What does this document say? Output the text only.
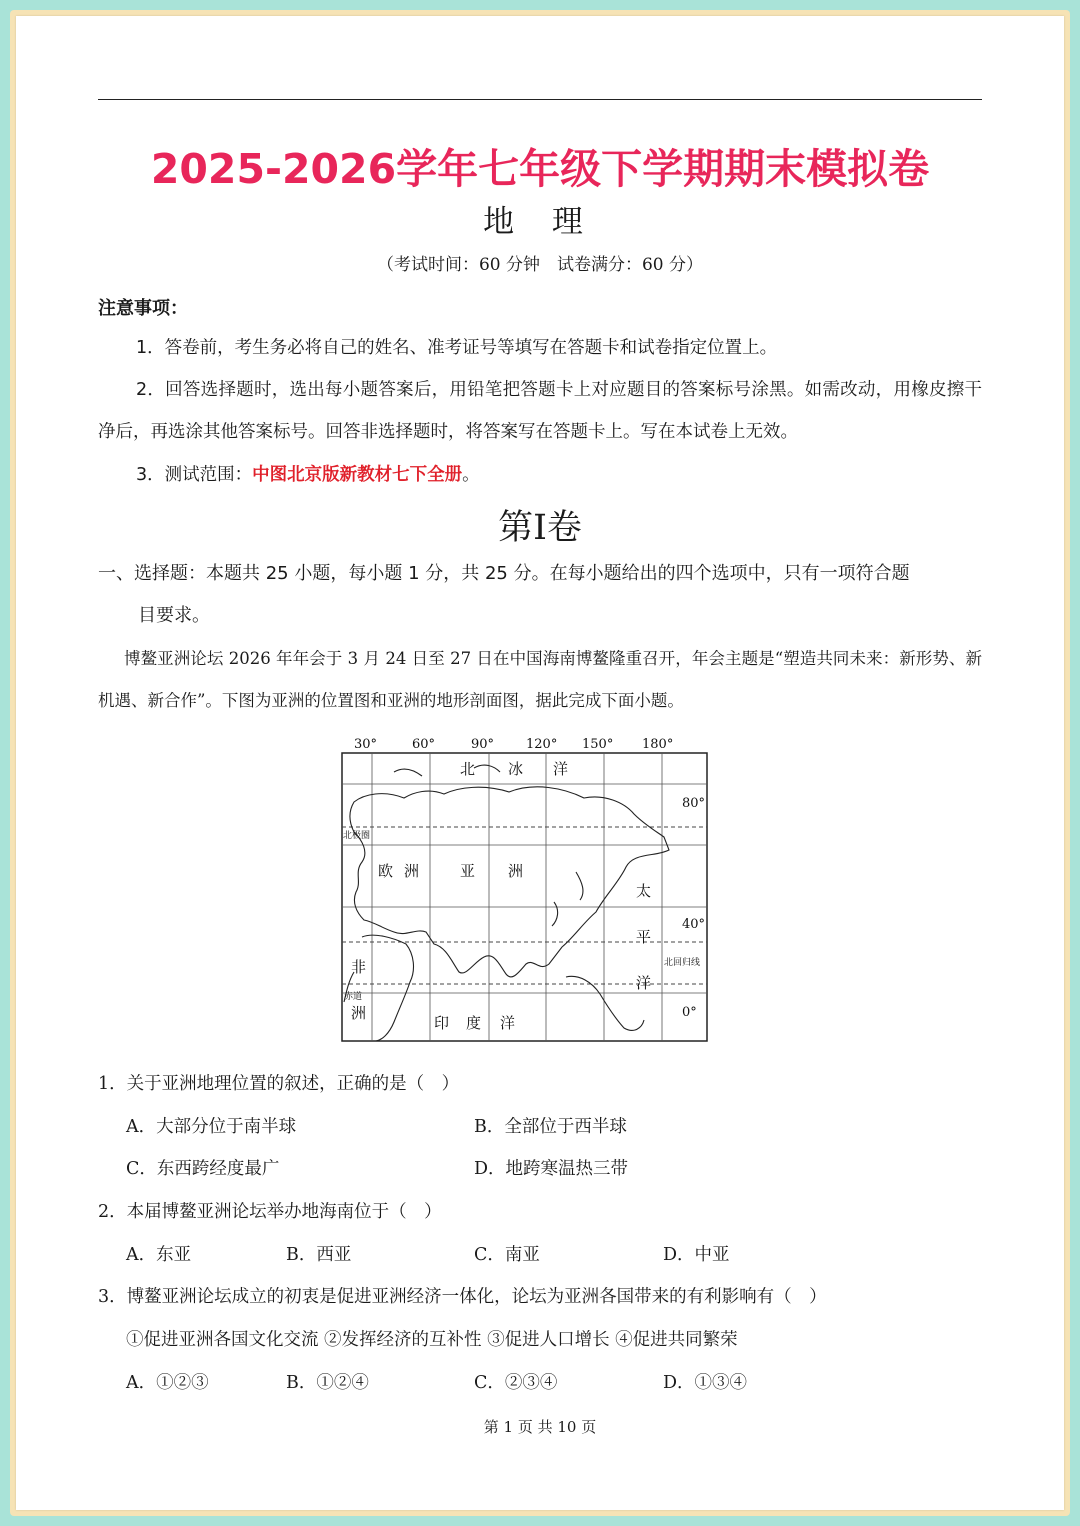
2025-2026学年七年级下学期期末模拟卷
地 理
（考试时间：60 分钟　试卷满分：60 分）
注意事项：
1．答卷前，考生务必将自己的姓名、准考证号等填写在答题卡和试卷指定位置上。
2．回答选择题时，选出每小题答案后，用铅笔把答题卡上对应题目的答案标号涂黑。如需改动，用橡皮擦干净后，再选涂其他答案标号。回答非选择题时，将答案写在答题卡上。写在本试卷上无效。
3．测试范围：中图北京版新教材七下全册。
第I卷
一、选择题：本题共 25 小题，每小题 1 分，共 25 分。在每小题给出的四个选项中，只有一项符合题
目要求。
博鳌亚洲论坛 2026 年年会于 3 月 24 日至 27 日在中国海南博鳌隆重召开，年会主题是“塑造共同未来：新形势、新机遇、新合作”。下图为亚洲的位置图和亚洲的地形剖面图，据此完成下面小题。
30°	60°	90° 120° 150° 180°
80°
40°
0°
北 冰 洋
欧 洲	亚 洲
太
平
洋
非
洲
印 度 洋
北极圈
北回归线
赤道
1．关于亚洲地理位置的叙述，正确的是（　）
A．大部分位于南半球	B．全部位于西半球
C．东西跨经度最广	D．地跨寒温热三带
2．本届博鳌亚洲论坛举办地海南位于（　）
A．东亚	B．西亚	C．南亚	D．中亚
3．博鳌亚洲论坛成立的初衷是促进亚洲经济一体化，论坛为亚洲各国带来的有利影响有（　）
①促进亚洲各国文化交流 ②发挥经济的互补性 ③促进人口增长 ④促进共同繁荣
A．①②③	B．①②④	C．②③④	D．①③④
第 1 页 共 10 页
